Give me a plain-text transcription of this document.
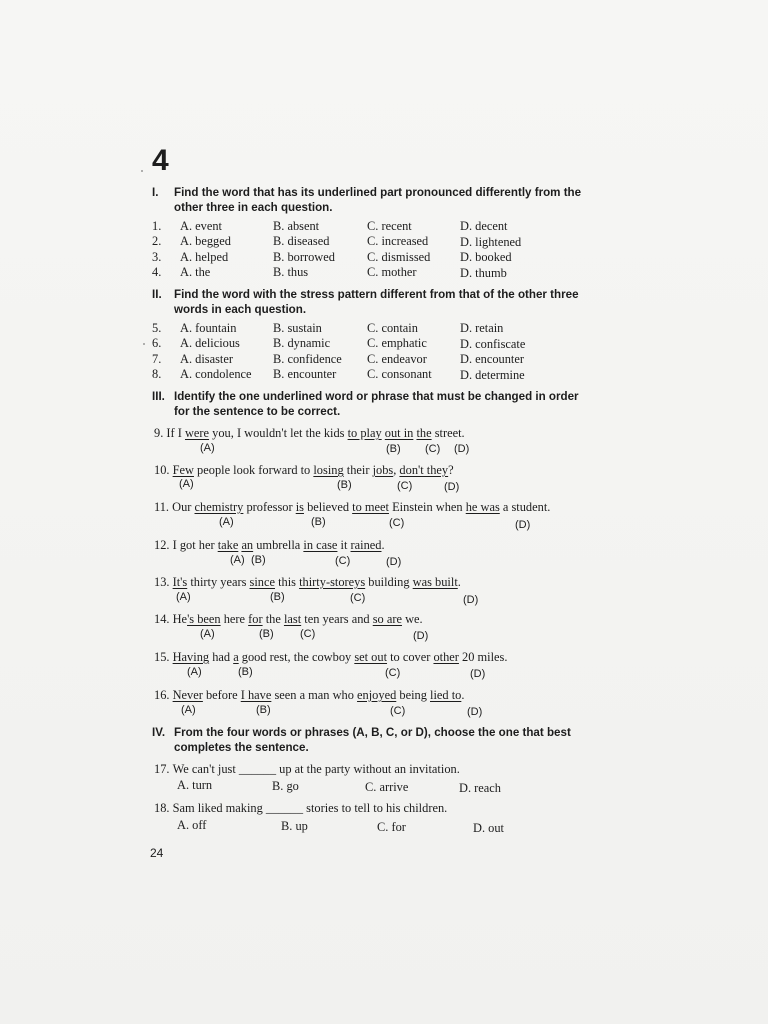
4
I. Find the word that has its underlined part pronounced differently from the
other three in each question.
1. A. event	B. absent	C. recent	D. decent
2. A. begged	B. diseased	C. increased	D. lightened
3. A. helped	B. borrowed	C. dismissed D. booked
4. A. the	B. thus	C. mother	D. thumb
II. Find the word with the stress pattern different from that of the other three
words in each question.
5. A. fountain	B. sustain	C. contain	D. retain
6. A. delicious	B. dynamic	C. emphatic	D. confiscate
7. A. disaster	B. confidence C. endeavor	D. encounter
8. A. condolence B. encounter C. consonant D. determine
III. Identify the one underlined word or phrase that must be changed in order
for the sentence to be correct.
9. If I were you, I wouldn't let the kids to play out in the street.
(A)	(B) (C) (D)
10. Few people look forward to losing their jobs, don't they?
(A)	(B)	(C)	(D)
11. Our chemistry professor is believed to meet Einstein when he was a student.
(A)	(B)	(C)	(D)
12. I got her take an umbrella in case it rained.
(A) (B)	(C)	(D)
13. It's thirty years since this thirty-storeys building was built.
(A)	(B)	(C)	(D)
14. He's been here for the last ten years and so are we.
(A)	(B) (C)	(D)
15. Having had a good rest, the cowboy set out to cover other 20 miles.
(A)	(B)	(C)	(D)
16. Never before I have seen a man who enjoyed being lied to.
(A)	(B)	(C)	(D)
IV. From the four words or phrases (A, B, C, or D), choose the one that best
completes the sentence.
17. We can't just ______ up at the party without an invitation.
A. turn	B. go	C. arrive	D. reach
18. Sam liked making ______ stories to tell to his children.
A. off	B. up	C. for	D. out
24
